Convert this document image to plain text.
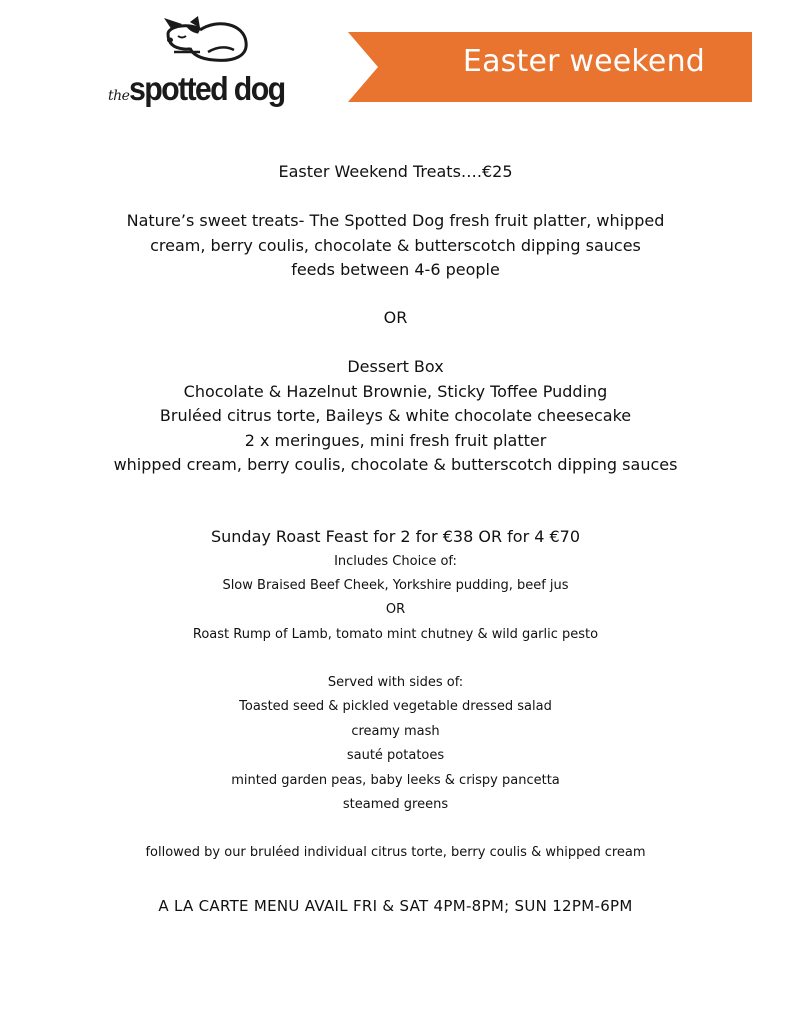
thespotted dog
Easter weekend
Easter Weekend Treats….€25
Nature’s sweet treats- The Spotted Dog fresh fruit platter, whipped
cream, berry coulis, chocolate & butterscotch dipping sauces
feeds between 4-6 people
OR
Dessert Box
Chocolate & Hazelnut Brownie, Sticky Toffee Pudding
Bruléed citrus torte, Baileys & white chocolate cheesecake
2 x meringues, mini fresh fruit platter
whipped cream, berry coulis, chocolate & butterscotch dipping sauces
Sunday Roast Feast for 2 for €38 OR for 4 €70
Includes Choice of:
Slow Braised Beef Cheek, Yorkshire pudding, beef jus
OR
Roast Rump of Lamb, tomato mint chutney & wild garlic pesto
Served with sides of:
Toasted seed & pickled vegetable dressed salad
creamy mash
sauté potatoes
minted garden peas, baby leeks & crispy pancetta
steamed greens
followed by our bruléed individual citrus torte, berry coulis & whipped cream
A LA CARTE MENU AVAIL FRI & SAT 4PM-8PM; SUN 12PM-6PM
